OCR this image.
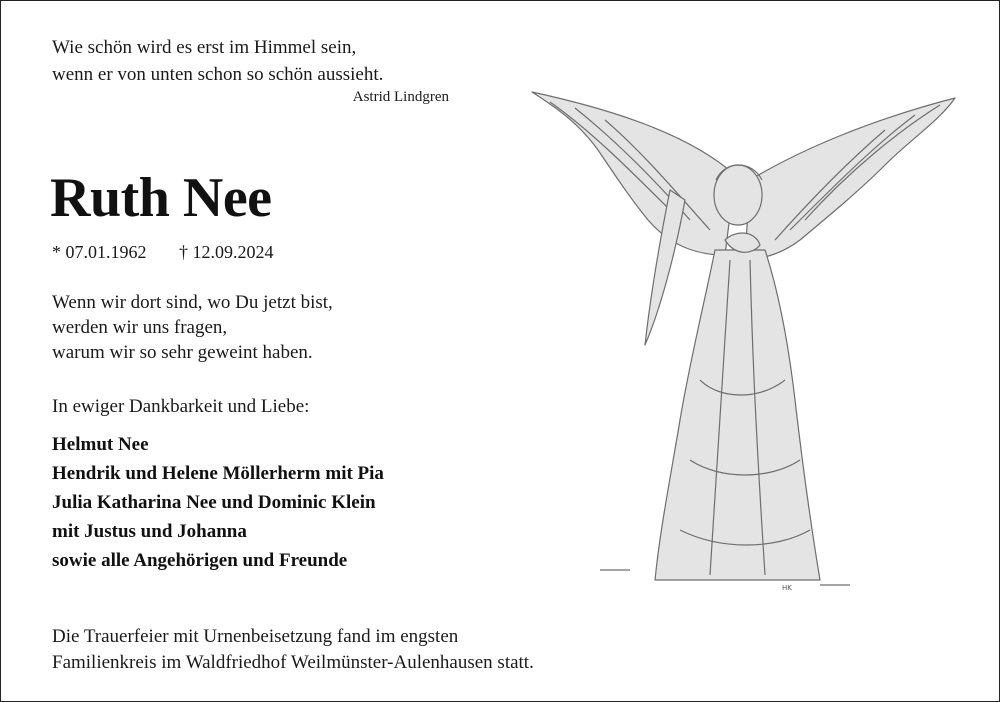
Wie schön wird es erst im Himmel sein,
wenn er von unten schon so schön aussieht.
Astrid Lindgren
Ruth Nee
* 07.01.1962 † 12.09.2024
Wenn wir dort sind, wo Du jetzt bist,
werden wir uns fragen,
warum wir so sehr geweint haben.
In ewiger Dankbarkeit und Liebe:
Helmut Nee
Hendrik und Helene Möllerherm mit Pia
Julia Katharina Nee und Dominic Klein
mit Justus und Johanna
sowie alle Angehörigen und Freunde
Die Trauerfeier mit Urnenbeisetzung fand im engsten
Familienkreis im Waldfriedhof Weilmünster-Aulenhausen statt.
HK
